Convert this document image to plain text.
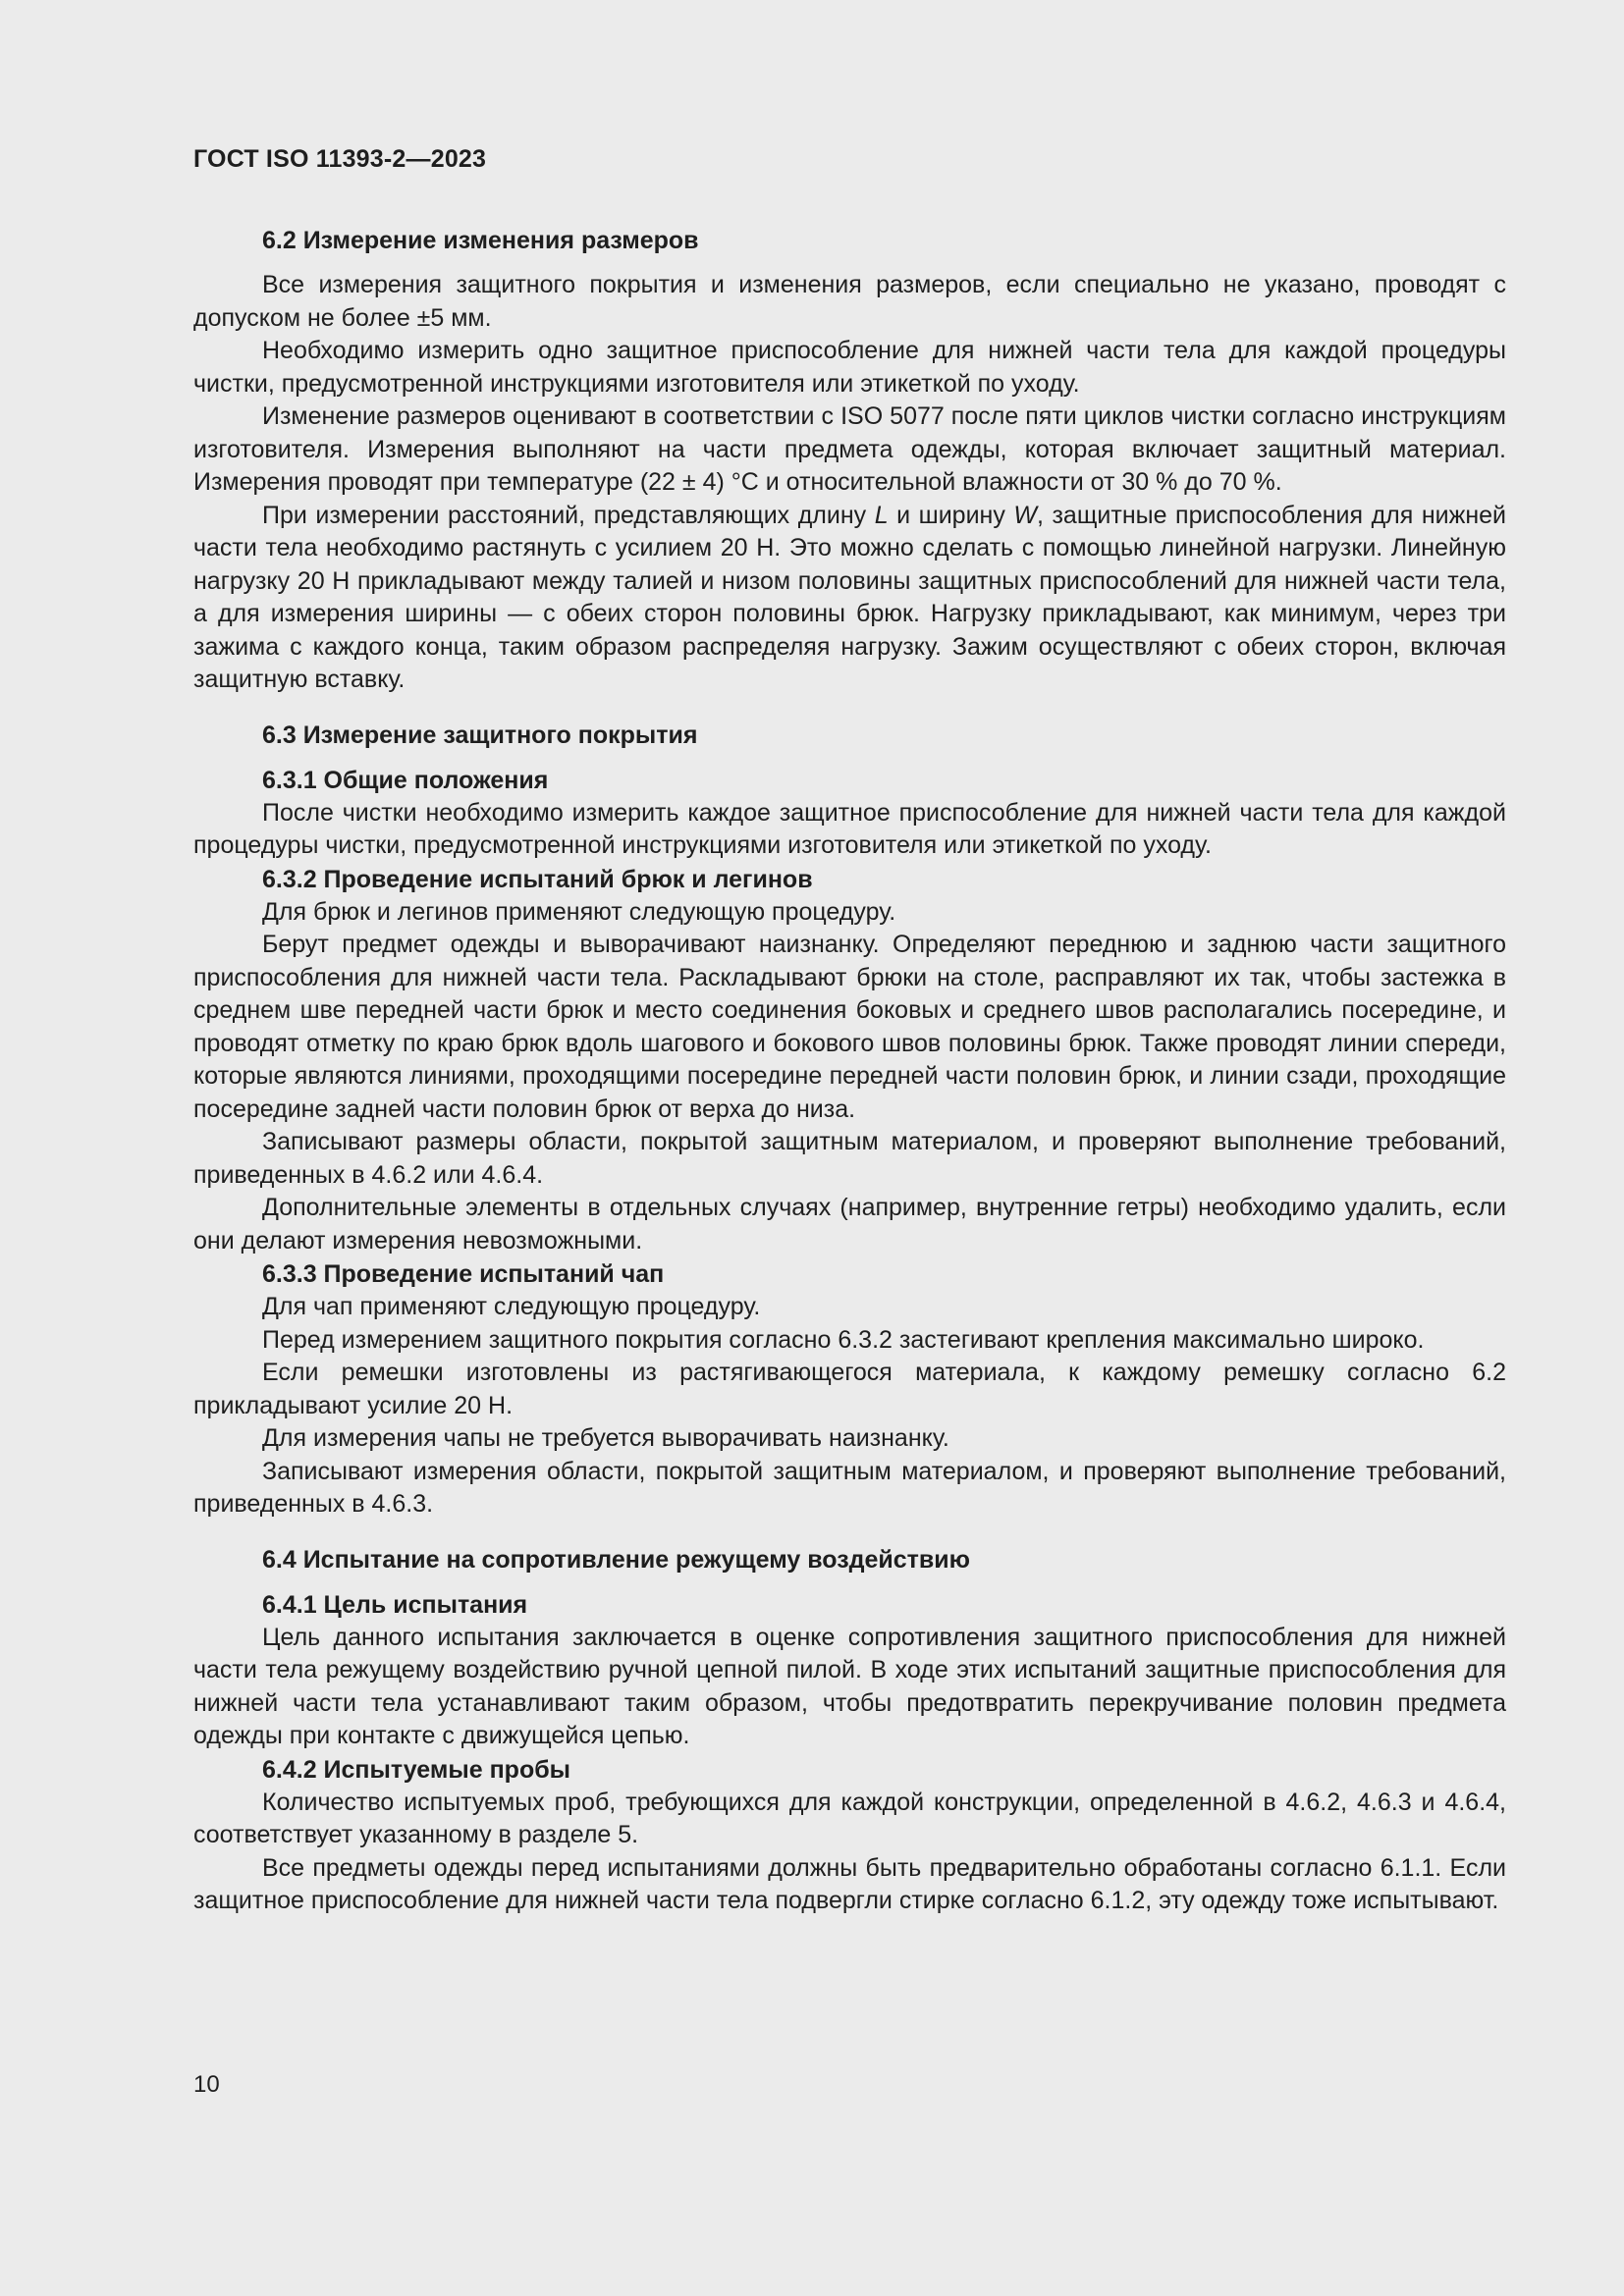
ГОСТ ISO 11393-2—2023
6.2 Измерение изменения размеров

Все измерения защитного покрытия и изменения размеров, если специально не указано, проводят с допуском не более ±5 мм.

Необходимо измерить одно защитное приспособление для нижней части тела для каждой процедуры чистки, предусмотренной инструкциями изготовителя или этикеткой по уходу.

Изменение размеров оценивают в соответствии с ISO 5077 после пяти циклов чистки согласно инструкциям изготовителя. Измерения выполняют на части предмета одежды, которая включает защитный материал. Измерения проводят при температуре (22 ± 4) °С и относительной влажности от 30 % до 70 %.

При измерении расстояний, представляющих длину L и ширину W, защитные приспособления для нижней части тела необходимо растянуть с усилием 20 Н. Это можно сделать с помощью линейной нагрузки. Линейную нагрузку 20 Н прикладывают между талией и низом половины защитных приспособлений для нижней части тела, а для измерения ширины — с обеих сторон половины брюк. Нагрузку прикладывают, как минимум, через три зажима с каждого конца, таким образом распределяя нагрузку. Зажим осуществляют с обеих сторон, включая защитную вставку.

6.3 Измерение защитного покрытия
6.3.1 Общие положения

После чистки необходимо измерить каждое защитное приспособление для нижней части тела для каждой процедуры чистки, предусмотренной инструкциями изготовителя или этикеткой по уходу.

6.3.2 Проведение испытаний брюк и легинов

Для брюк и легинов применяют следующую процедуру.

Берут предмет одежды и выворачивают наизнанку. Определяют переднюю и заднюю части защитного приспособления для нижней части тела. Раскладывают брюки на столе, расправляют их так, чтобы застежка в среднем шве передней части брюк и место соединения боковых и среднего швов располагались посередине, и проводят отметку по краю брюк вдоль шагового и бокового швов половины брюк. Также проводят линии спереди, которые являются линиями, проходящими посередине передней части половин брюк, и линии сзади, проходящие посередине задней части половин брюк от верха до низа.

Записывают размеры области, покрытой защитным материалом, и проверяют выполнение требований, приведенных в 4.6.2 или 4.6.4.

Дополнительные элементы в отдельных случаях (например, внутренние гетры) необходимо удалить, если они делают измерения невозможными.

6.3.3 Проведение испытаний чап

Для чап применяют следующую процедуру.

Перед измерением защитного покрытия согласно 6.3.2 застегивают крепления максимально широко.

Если ремешки изготовлены из растягивающегося материала, к каждому ремешку согласно 6.2 прикладывают усилие 20 Н.

Для измерения чапы не требуется выворачивать наизнанку.

Записывают измерения области, покрытой защитным материалом, и проверяют выполнение требований, приведенных в 4.6.3.

6.4 Испытание на сопротивление режущему воздействию
6.4.1 Цель испытания

Цель данного испытания заключается в оценке сопротивления защитного приспособления для нижней части тела режущему воздействию ручной цепной пилой. В ходе этих испытаний защитные приспособления для нижней части тела устанавливают таким образом, чтобы предотвратить перекручивание половин предмета одежды при контакте с движущейся цепью.

6.4.2 Испытуемые пробы

Количество испытуемых проб, требующихся для каждой конструкции, определенной в 4.6.2, 4.6.3 и 4.6.4, соответствует указанному в разделе 5.

Все предметы одежды перед испытаниями должны быть предварительно обработаны согласно 6.1.1. Если защитное приспособление для нижней части тела подвергли стирке согласно 6.1.2, эту одежду тоже испытывают.

10
